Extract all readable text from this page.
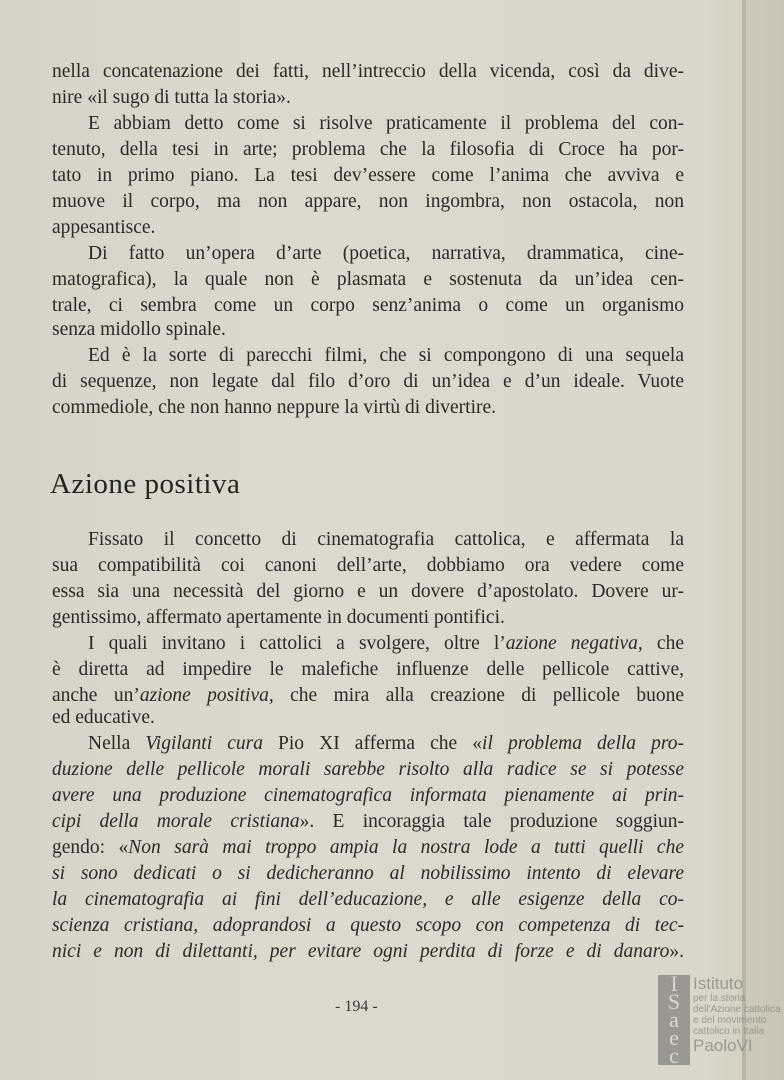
nella concatenazione dei fatti, nell’intreccio della vicenda, così da dive-
nire «il sugo di tutta la storia».
E abbiam detto come si risolve praticamente il problema del con-
tenuto, della tesi in arte; problema che la filosofia di Croce ha por-
tato in primo piano. La tesi dev’essere come l’anima che avviva e
muove il corpo, ma non appare, non ingombra, non ostacola, non
appesantisce.
Di fatto un’opera d’arte (poetica, narrativa, drammatica, cine-
matografica), la quale non è plasmata e sostenuta da un’idea cen-
trale, ci sembra come un corpo senz’anima o come un organismo
senza midollo spinale.
Ed è la sorte di parecchi filmi, che si compongono di una sequela
di sequenze, non legate dal filo d’oro di un’idea e d’un ideale. Vuote
commediole, che non hanno neppure la virtù di divertire.
Fissato il concetto di cinematografia cattolica, e affermata la
sua compatibilità coi canoni dell’arte, dobbiamo ora vedere come
essa sia una necessità del giorno e un dovere d’apostolato. Dovere ur-
gentissimo, affermato apertamente in documenti pontifici.
I quali invitano i cattolici a svolgere, oltre l’azione negativa, che
è diretta ad impedire le malefiche influenze delle pellicole cattive,
anche un’azione positiva, che mira alla creazione di pellicole buone
ed educative.
Nella Vigilanti cura Pio XI afferma che «il problema della pro-
duzione delle pellicole morali sarebbe risolto alla radice se si potesse
avere una produzione cinematografica informata pienamente ai prin-
cipi della morale cristiana». E incoraggia tale produzione soggiun-
gendo: «Non sarà mai troppo ampia la nostra lode a tutti quelli che
si sono dedicati o si dedicheranno al nobilissimo intento di elevare
la cinematografia ai fini dell’educazione, e alle esigenze della co-
scienza cristiana, adoprandosi a questo scopo con competenza di tec-
nici e non di dilettanti, per evitare ogni perdita di forze e di danaro».
Azione positiva
- 194 -
I
S
a
e
c
Istituto
per la storia
dell'Azione cattolica
e del movimento
cattolico in Italia
PaoloVI
